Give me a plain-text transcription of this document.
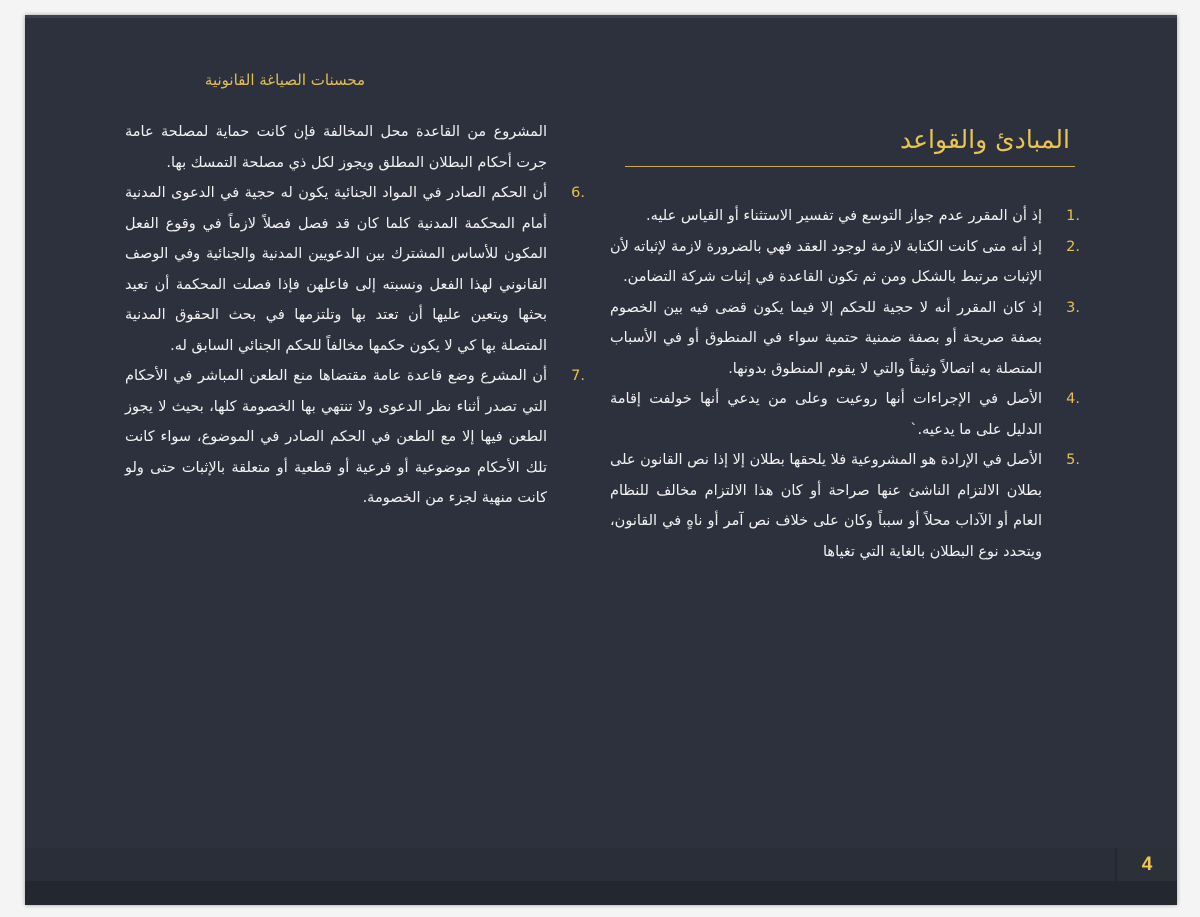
محسنات الصياغة القانونية
المبادئ والقواعد
المشروع من القاعدة محل المخالفة فإن كانت حماية لمصلحة عامة جرت أحكام البطلان المطلق ويجوز لكل ذي مصلحة التمسك بها.
.6
أن الحكم الصادر في المواد الجنائية يكون له حجية في الدعوى المدنية أمام المحكمة المدنية كلما كان قد فصل فصلاً لازماً في وقوع الفعل المكون للأساس المشترك بين الدعويين المدنية والجنائية وفي الوصف القانوني لهذا الفعل ونسبته إلى فاعلهن فإذا فصلت المحكمة أن تعيد بحثها ويتعين عليها أن تعتد بها وتلتزمها في بحث الحقوق المدنية المتصلة بها كي لا يكون حكمها مخالفاً للحكم الجنائي السابق له.
.7
أن المشرع وضع قاعدة عامة مقتضاها منع الطعن المباشر في الأحكام التي تصدر أثناء نظر الدعوى ولا تنتهي بها الخصومة كلها، بحيث لا يجوز الطعن فيها إلا مع الطعن في الحكم الصادر في الموضوع، سواء كانت تلك الأحكام موضوعية أو فرعية أو قطعية أو متعلقة بالإثبات حتى ولو كانت منهية لجزء من الخصومة.
.1
إذ أن المقرر عدم جواز التوسع في تفسير الاستثناء أو القياس عليه.
.2
إذ أنه متى كانت الكتابة لازمة لوجود العقد فهي بالضرورة لازمة لإثباته لأن الإثبات مرتبط بالشكل ومن ثم تكون القاعدة في إثبات شركة التضامن.
.3
إذ كان المقرر أنه لا حجية للحكم إلا فيما يكون قضى فيه بين الخصوم بصفة صريحة أو بصفة ضمنية حتمية سواء في المنطوق أو في الأسباب المتصلة به اتصالاً وثيقاً والتي لا يقوم المنطوق بدونها.
.4
الأصل في الإجراءات أنها روعيت وعلى من يدعي أنها خولفت إقامة الدليل على ما يدعيه.`
.5
الأصل في الإرادة هو المشروعية فلا يلحقها بطلان إلا إذا نص القانون على بطلان الالتزام الناشئ عنها صراحة أو كان هذا الالتزام مخالف للنظام العام أو الآداب محلاً أو سبباً وكان على خلاف نص آمر أو ناهٍ في القانون، ويتحدد نوع البطلان بالغاية التي تغياها
4
